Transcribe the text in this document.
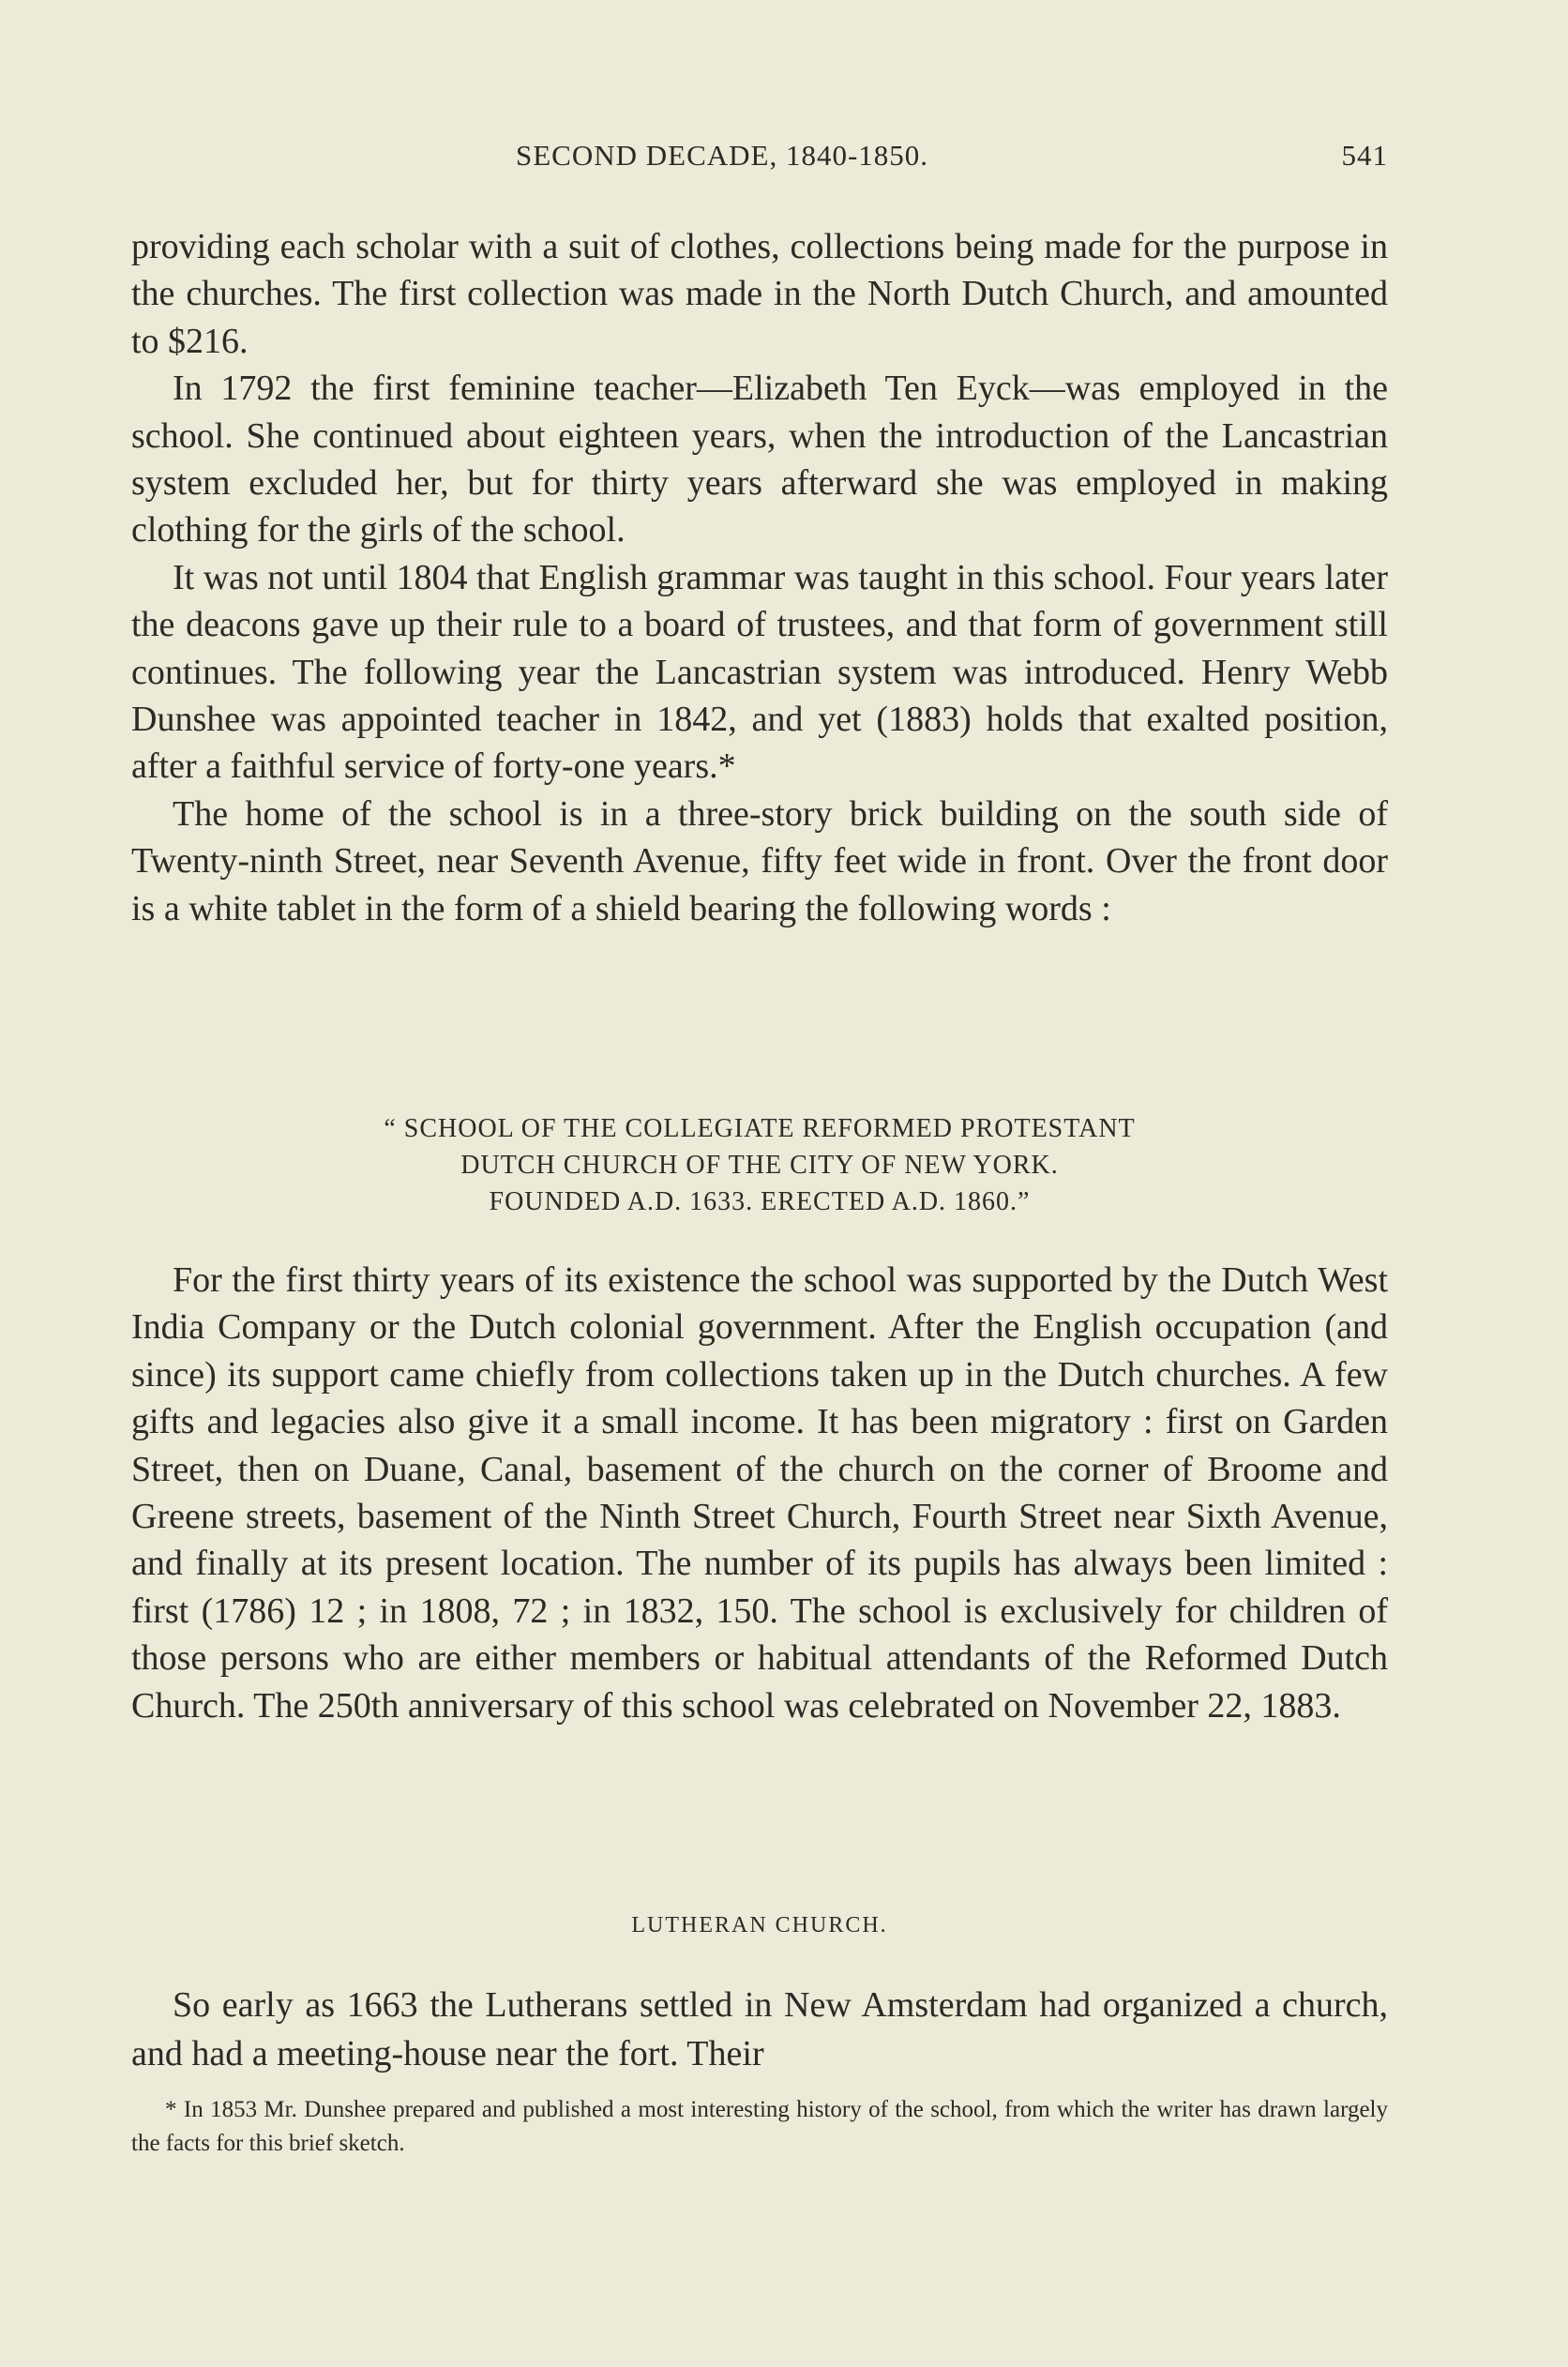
SECOND DECADE, 1840-1850.	541

providing each scholar with a suit of clothes, collections being made for the purpose in the churches. The first collection was made in the North Dutch Church, and amounted to $216.

In 1792 the first feminine teacher—Elizabeth Ten Eyck—was employed in the school. She continued about eighteen years, when the introduction of the Lancastrian system excluded her, but for thirty years afterward she was employed in making clothing for the girls of the school.

It was not until 1804 that English grammar was taught in this school. Four years later the deacons gave up their rule to a board of trustees, and that form of government still continues. The following year the Lancastrian system was introduced. Henry Webb Dunshee was appointed teacher in 1842, and yet (1883) holds that exalted position, after a faithful service of forty-one years.*

The home of the school is in a three-story brick building on the south side of Twenty-ninth Street, near Seventh Avenue, fifty feet wide in front. Over the front door is a white tablet in the form of a shield bearing the following words :

“ SCHOOL OF THE COLLEGIATE REFORMED PROTESTANT
DUTCH CHURCH OF THE CITY OF NEW YORK.
FOUNDED A.D. 1633. ERECTED A.D. 1860.”

For the first thirty years of its existence the school was supported by the Dutch West India Company or the Dutch colonial government. After the English occupation (and since) its support came chiefly from collections taken up in the Dutch churches. A few gifts and legacies also give it a small income. It has been migratory : first on Garden Street, then on Duane, Canal, basement of the church on the corner of Broome and Greene streets, basement of the Ninth Street Church, Fourth Street near Sixth Avenue, and finally at its present location. The number of its pupils has always been limited : first (1786) 12 ; in 1808, 72 ; in 1832, 150. The school is exclusively for children of those persons who are either members or habitual attendants of the Reformed Dutch Church. The 250th anniversary of this school was celebrated on November 22, 1883.

LUTHERAN CHURCH.

So early as 1663 the Lutherans settled in New Amsterdam had organized a church, and had a meeting-house near the fort. Their

* In 1853 Mr. Dunshee prepared and published a most interesting history of the school, from which the writer has drawn largely the facts for this brief sketch.
